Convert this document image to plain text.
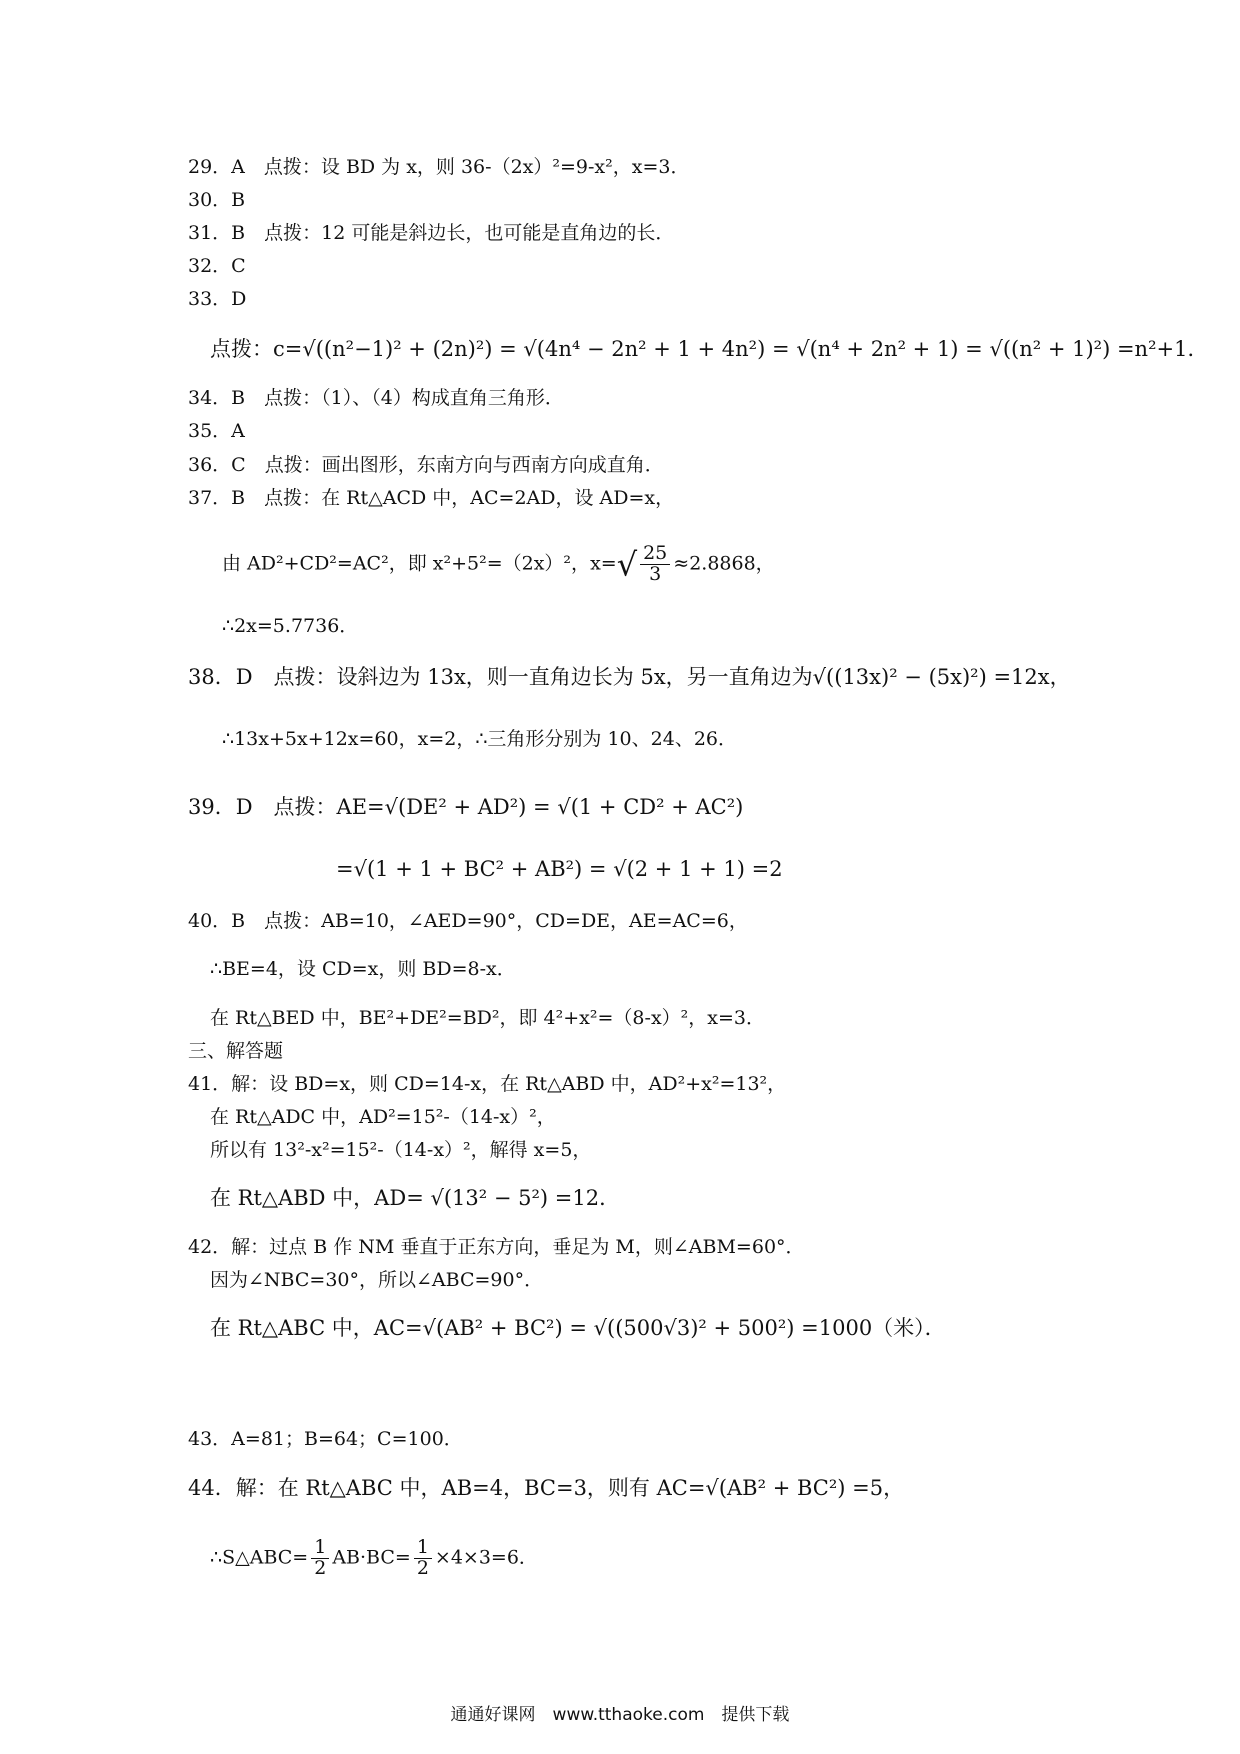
29．A　点拨：设 BD 为 x，则 36-（2x）²=9-x²，x=3．
30．B
31．B　点拨：12 可能是斜边长，也可能是直角边的长．
32．C
33．D
点拨：c=√((n²−1)² + (2n)²) = √(4n⁴ − 2n² + 1 + 4n²) = √(n⁴ + 2n² + 1) = √((n² + 1)²) =n²+1．
34．B　点拨：（1）、（4）构成直角三角形．
35．A
36．C　点拨：画出图形，东南方向与西南方向成直角．
37．B　点拨：在 Rt△ACD 中，AC=2AD，设 AD=x，
由 AD²+CD²=AC²，即 x²+5²=（2x）²，$x=√ \frac{25}{3} \approx 2.8868$，
∴2x=5.7736．
38．D　点拨：设斜边为 13x，则一直角边长为 5x，另一直角边为√((13x)² − (5x)²) =12x，
∴13x+5x+12x=60，x=2，∴三角形分别为 10、24、26．
39．D　点拨：AE=√(DE² + AD²) = √(1 + CD² + AC²)
=√(1 + 1 + BC² + AB²) = √(2 + 1 + 1) =2
40．B　点拨：AB=10，∠AED=90°，CD=DE，AE=AC=6，
∴BE=4，设 CD=x，则 BD=8-x．
在 Rt△BED 中，BE²+DE²=BD²，即 4²+x²=（8-x）²，x=3．
三、解答题
41．解：设 BD=x，则 CD=14-x，在 Rt△ABD 中，AD²+x²=13²，
在 Rt△ADC 中，AD²=15²-（14-x）²，
所以有 13²-x²=15²-（14-x）²，解得 x=5，
在 Rt△ABD 中，AD= √(13² − 5²) =12．
42．解：过点 B 作 NM 垂直于正东方向，垂足为 M，则∠ABM=60°．
因为∠NBC=30°，所以∠ABC=90°．
在 Rt△ABC 中，AC=√(AB² + BC²) = √((500√3)² + 500²) =1000（米）．
43．A=81；B=64；C=100．
44．解：在 Rt△ABC 中，AB=4，BC=3，则有 AC=√(AB² + BC²) =5，
∴S△ABC= $\frac{1}{2} AB\cdot BC= \frac{1}{2} \times 4\times 3=6$．
通通好课网　www.tthaoke.com　提供下载
